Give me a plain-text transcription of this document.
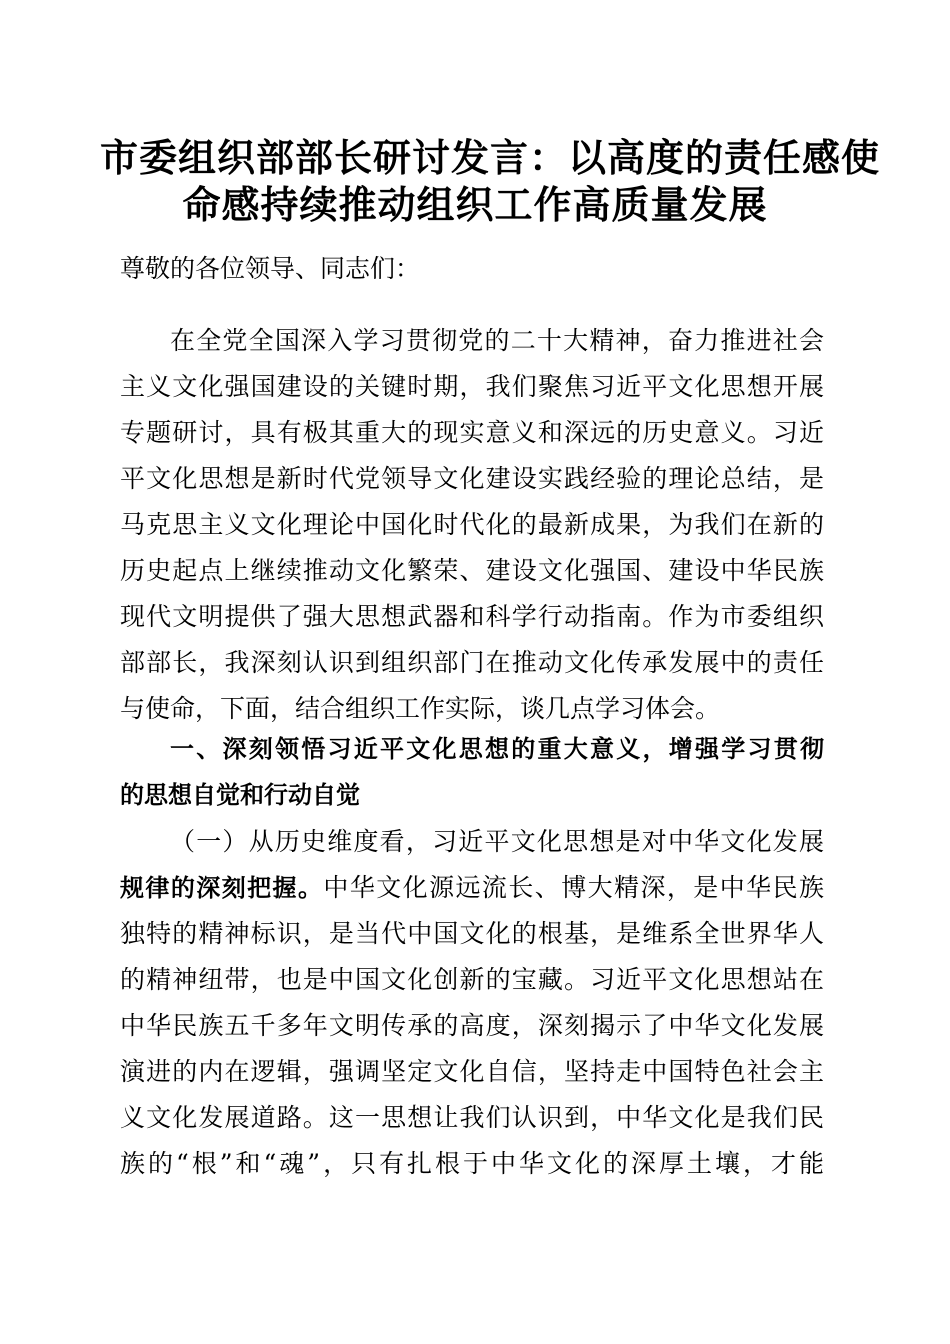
市委组织部部长研讨发言：以高度的责任感使
命感持续推动组织工作高质量发展
尊敬的各位领导、同志们：
在全党全国深入学习贯彻党的二十大精神，奋力推进社会
主义文化强国建设的关键时期，我们聚焦习近平文化思想开展
专题研讨，具有极其重大的现实意义和深远的历史意义。习近
平文化思想是新时代党领导文化建设实践经验的理论总结，是
马克思主义文化理论中国化时代化的最新成果，为我们在新的
历史起点上继续推动文化繁荣、建设文化强国、建设中华民族
现代文明提供了强大思想武器和科学行动指南。作为市委组织
部部长，我深刻认识到组织部门在推动文化传承发展中的责任
与使命，下面，结合组织工作实际，谈几点学习体会。
一、深刻领悟习近平文化思想的重大意义，增强学习贯彻
的思想自觉和行动自觉
（一）从历史维度看，习近平文化思想是对中华文化发展
规律的深刻把握。中华文化源远流长、博大精深，是中华民族
独特的精神标识，是当代中国文化的根基，是维系全世界华人
的精神纽带，也是中国文化创新的宝藏。习近平文化思想站在
中华民族五千多年文明传承的高度，深刻揭示了中华文化发展
演进的内在逻辑，强调坚定文化自信，坚持走中国特色社会主
义文化发展道路。这一思想让我们认识到，中华文化是我们民
族的“根”和“魂”，只有扎根于中华文化的深厚土壤，才能
